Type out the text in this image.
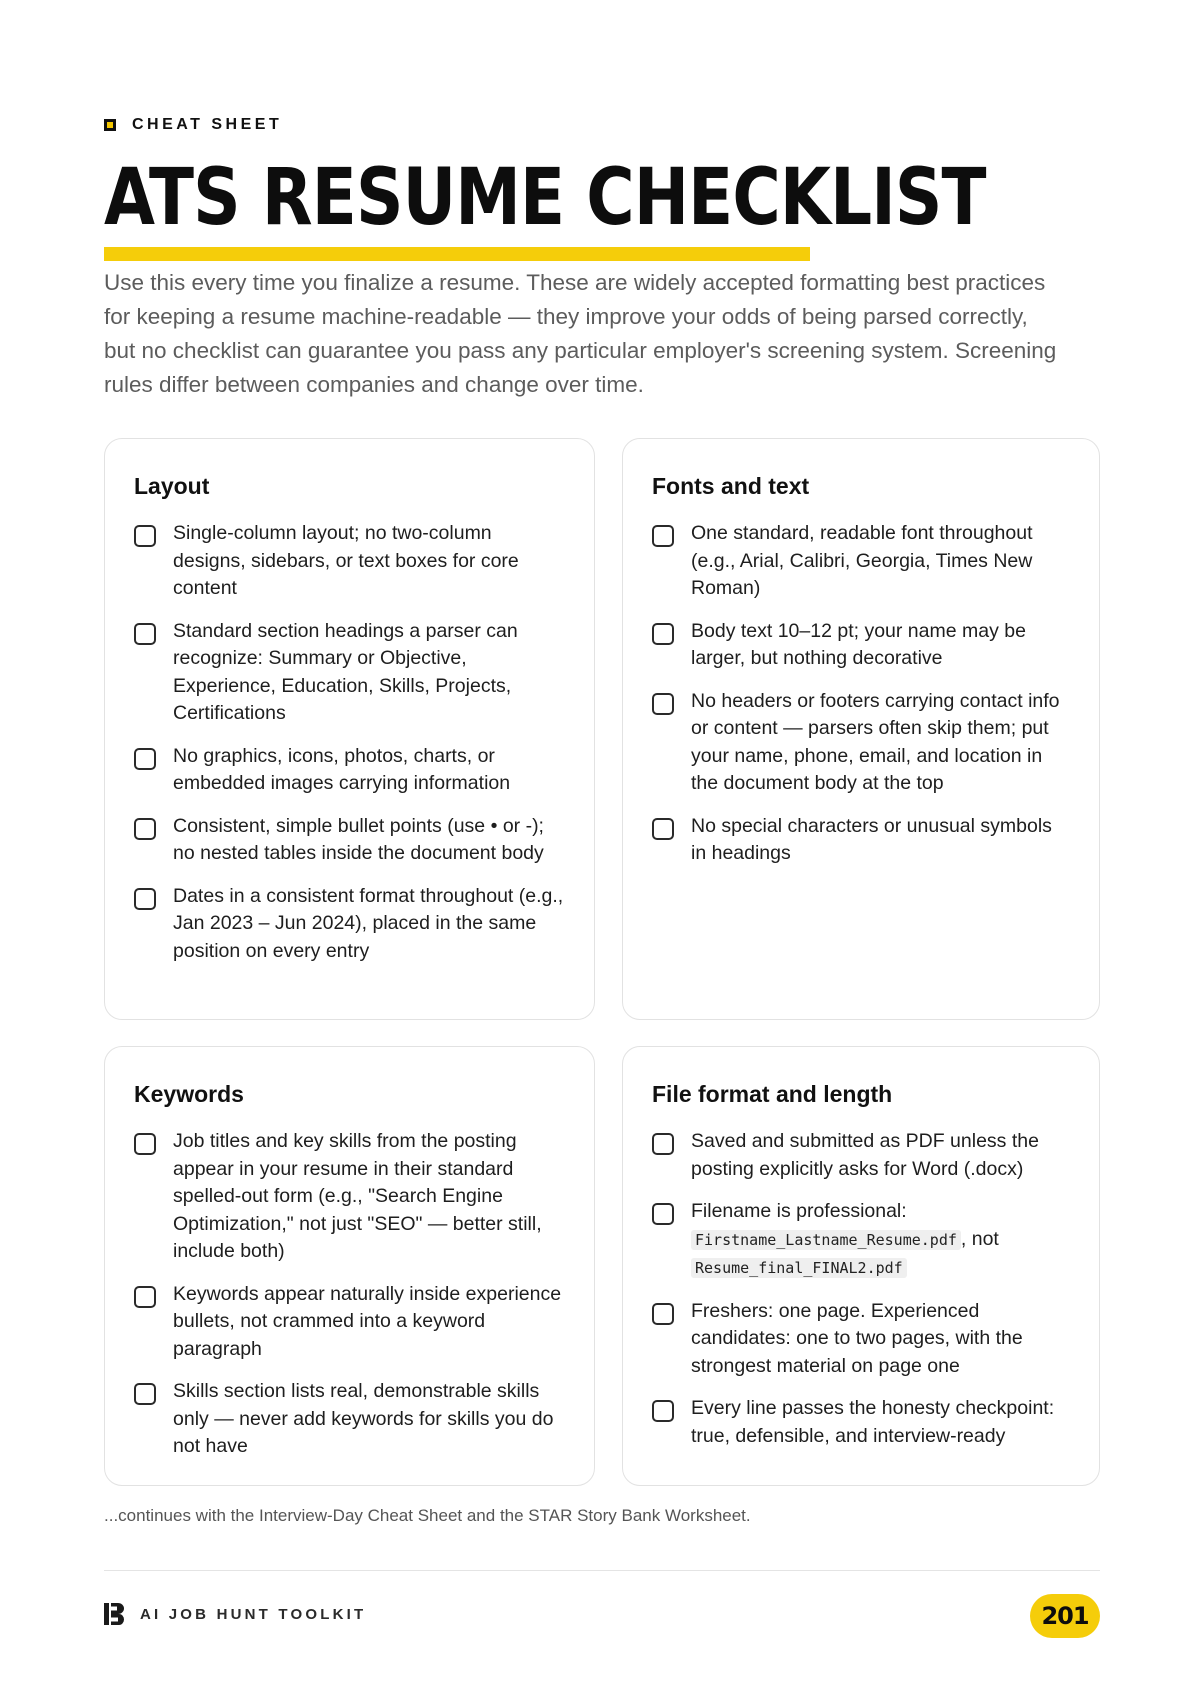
CHEAT SHEET
ATS RESUME CHECKLIST

Use this every time you finalize a resume. These are widely accepted formatting best practices for keeping a resume machine-readable — they improve your odds of being parsed correctly, but no checklist can guarantee you pass any particular employer's screening system. Screening rules differ between companies and change over time.

Layout
Single-column layout; no two-column designs, sidebars, or text boxes for core content
Standard section headings a parser can recognize: Summary or Objective, Experience, Education, Skills, Projects, Certifications
No graphics, icons, photos, charts, or embedded images carrying information
Consistent, simple bullet points (use • or -); no nested tables inside the document body
Dates in a consistent format throughout (e.g., Jan 2023 – Jun 2024), placed in the same position on every entry
Fonts and text
One standard, readable font throughout (e.g., Arial, Calibri, Georgia, Times New Roman)
Body text 10–12 pt; your name may be larger, but nothing decorative
No headers or footers carrying contact info or content — parsers often skip them; put your name, phone, email, and location in the document body at the top
No special characters or unusual symbols in headings
Keywords
Job titles and key skills from the posting appear in your resume in their standard spelled-out form (e.g., "Search Engine Optimization," not just "SEO" — better still, include both)
Keywords appear naturally inside experience bullets, not crammed into a keyword paragraph
Skills section lists real, demonstrable skills only — never add keywords for skills you do not have
File format and length
Saved and submitted as PDF unless the posting explicitly asks for Word (.docx)
Filename is professional:
Firstname_Lastname_Resume.pdf , not
Resume_final_FINAL2.pdf
Freshers: one page. Experienced candidates: one to two pages, with the strongest material on page one
Every line passes the honesty checkpoint: true, defensible, and interview-ready
...continues with the Interview-Day Cheat Sheet and the STAR Story Bank Worksheet.
AI JOB HUNT TOOLKIT	201
